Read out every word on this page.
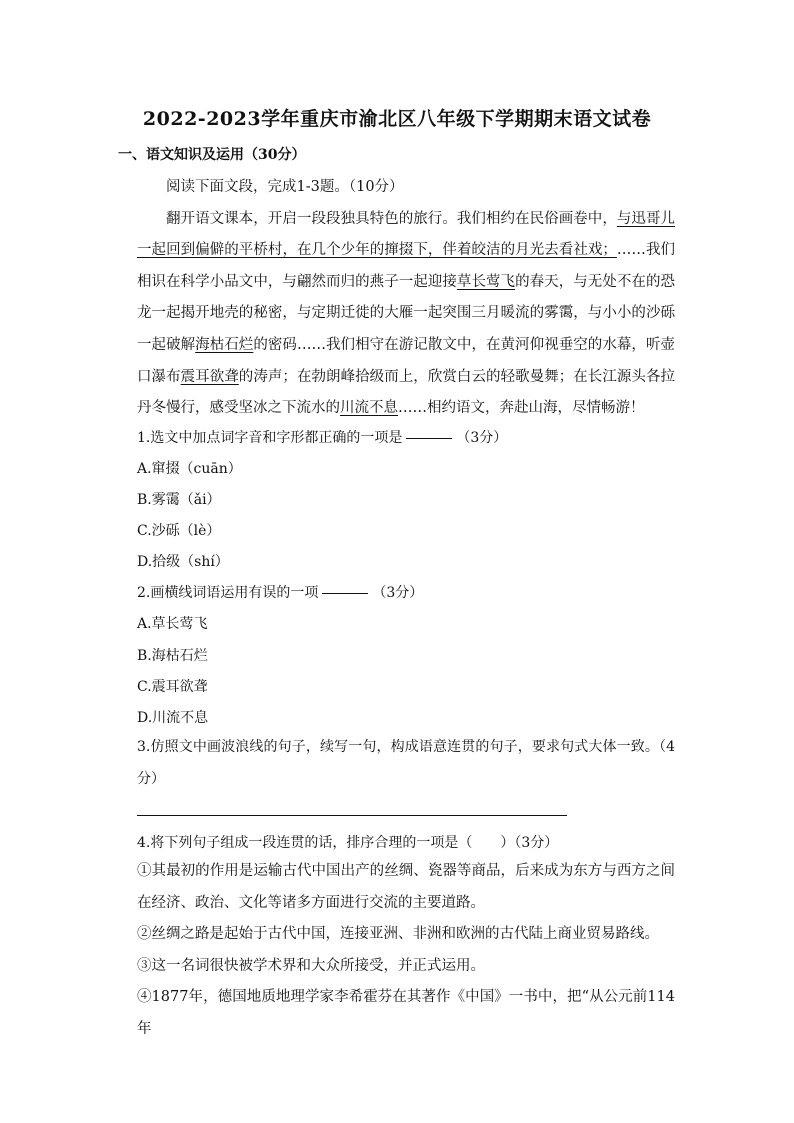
2022-2023学年重庆市渝北区八年级下学期期末语文试卷
一、语文知识及运用（30分）

阅读下面文段，完成1-3题。（10分）

翻开语文课本，开启一段段独具特色的旅行。我们相约在民俗画卷中，与迅哥儿一起回到偏僻的平桥村，在几个少年的撺掇下，伴着皎洁的月光去看社戏；……我们相识在科学小品文中，与翩然而归的燕子一起迎接草长莺飞的春天，与无处不在的恐龙一起揭开地壳的秘密，与定期迁徙的大雁一起突围三月暖流的雾霭，与小小的沙砾一起破解海枯石烂的密码……我们相守在游记散文中，在黄河仰视垂空的水幕，听壶口瀑布震耳欲聋的涛声；在勃朗峰拾级而上，欣赏白云的轻歌曼舞；在长江源头各拉丹冬慢行，感受坚冰之下流水的川流不息……相约语文，奔赴山海，尽情畅游！

1.选文中加点词字音和字形都正确的一项是	（3分）
A.窜掇（cuān）
B.雾霭（ǎi）
C.沙砾（lè）
D.拾级（shí）
2.画横线词语运用有误的一项	（3分）
A.草长莺飞
B.海枯石烂
C.震耳欲聋
D.川流不息

3.仿照文中画波浪线的句子，续写一句，构成语意连贯的句子，要求句式大体一致。（4分）

4.将下列句子组成一段连贯的话，排序合理的一项是（ ）（3分）

①其最初的作用是运输古代中国出产的丝绸、瓷器等商品，后来成为东方与西方之间在经济、政治、文化等诸多方面进行交流的主要道路。

②丝绸之路是起始于古代中国，连接亚洲、非洲和欧洲的古代陆上商业贸易路线。

③这一名词很快被学术界和大众所接受，并正式运用。

④1877年，德国地质地理学家李希霍芬在其著作《中国》一书中，把“从公元前114年
